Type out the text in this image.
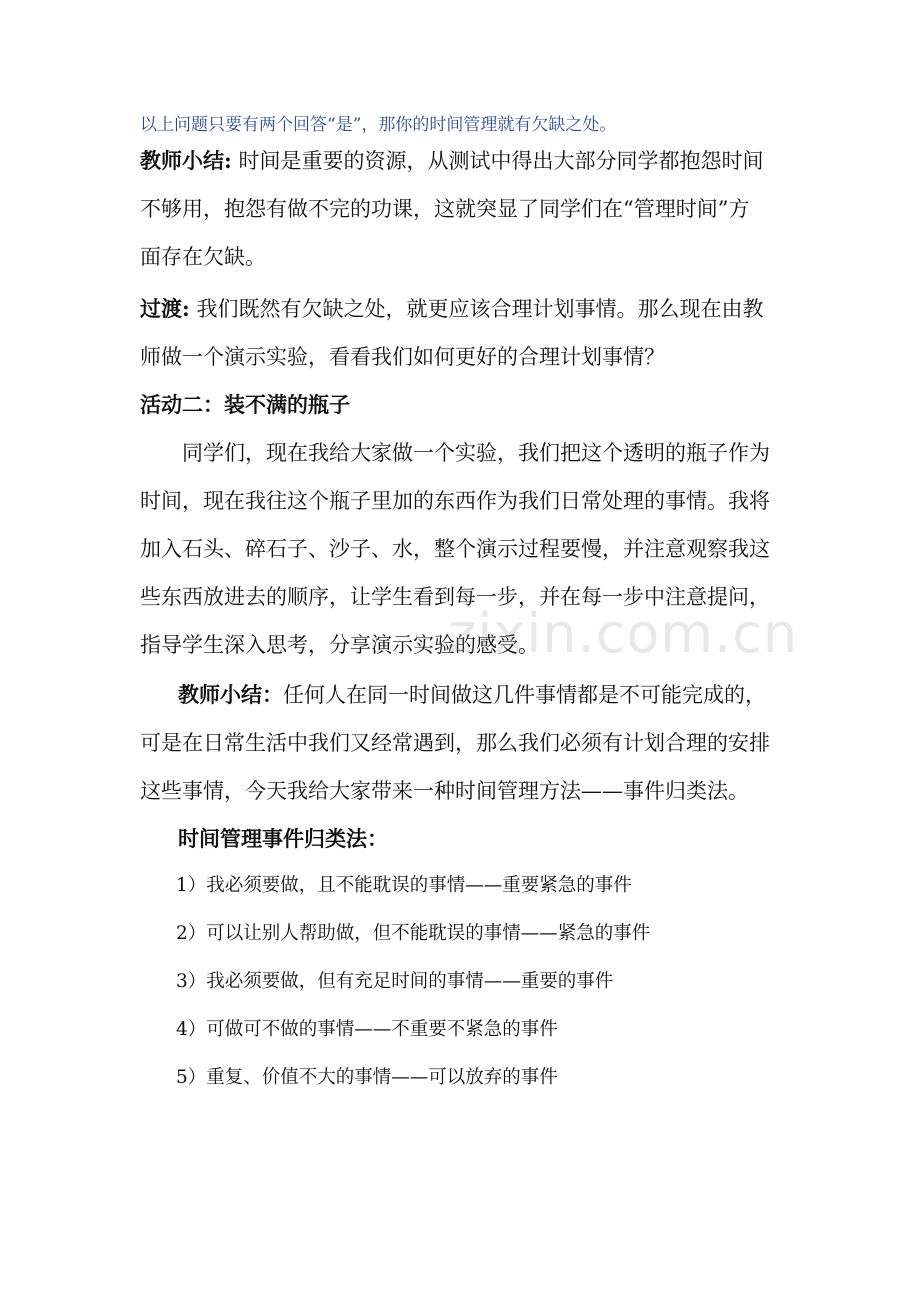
以上问题只要有两个回答“是”，那你的时间管理就有欠缺之处。
教师小结: 时间是重要的资源，从测试中得出大部分同学都抱怨时间
不够用，抱怨有做不完的功课，这就突显了同学们在“管理时间”方
面存在欠缺。
过渡: 我们既然有欠缺之处，就更应该合理计划事情。那么现在由教
师做一个演示实验，看看我们如何更好的合理计划事情？
活动二：装不满的瓶子
同学们，现在我给大家做一个实验，我们把这个透明的瓶子作为
时间，现在我往这个瓶子里加的东西作为我们日常处理的事情。我将
加入石头、碎石子、沙子、水，整个演示过程要慢，并注意观察我这
些东西放进去的顺序，让学生看到每一步，并在每一步中注意提问，
指导学生深入思考，分享演示实验的感受。
教师小结：任何人在同一时间做这几件事情都是不可能完成的，
可是在日常生活中我们又经常遇到，那么我们必须有计划合理的安排
这些事情，今天我给大家带来一种时间管理方法——事件归类法。
时间管理事件归类法：
1）我必须要做，且不能耽误的事情——重要紧急的事件
2）可以让别人帮助做，但不能耽误的事情——紧急的事件
3）我必须要做，但有充足时间的事情——重要的事件
4）可做可不做的事情——不重要不紧急的事件
5）重复、价值不大的事情——可以放弃的事件
zixin.com.cn
